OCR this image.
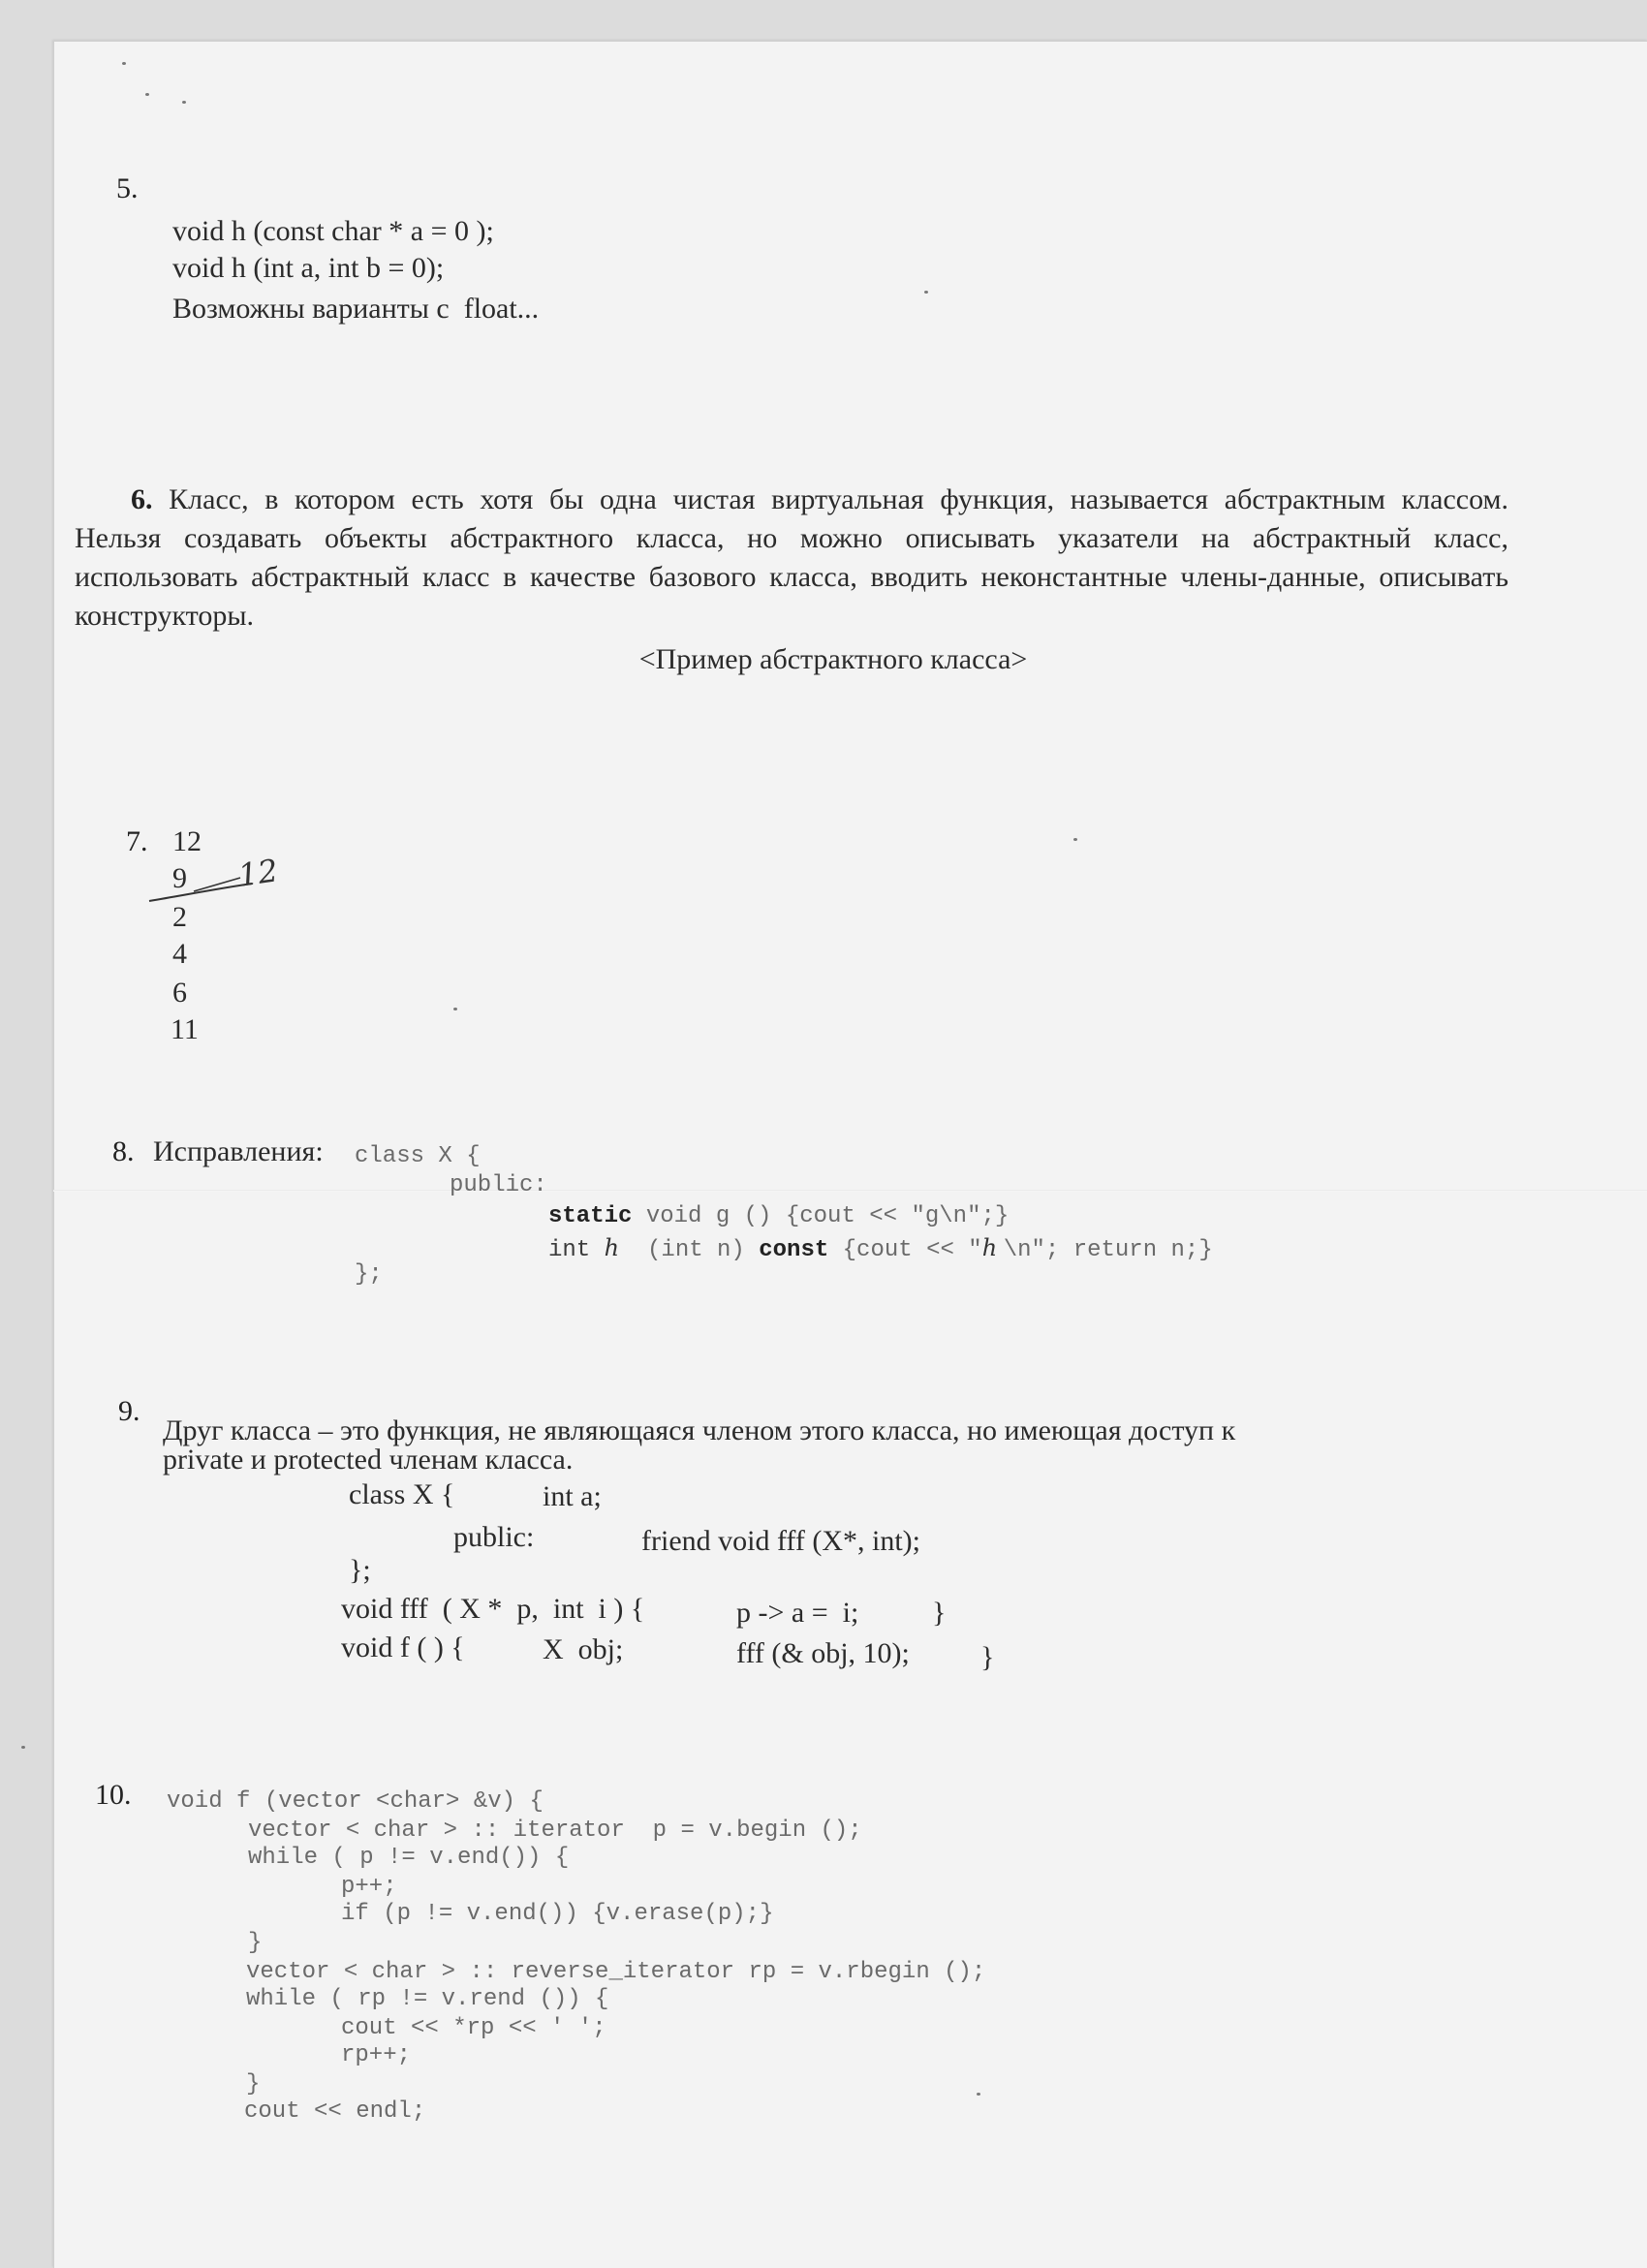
5.
void h (const char * a = 0 );
void h (int a, int b = 0);
Возможны варианты с  float...
6. Класс, в котором есть хотя бы одна чистая виртуальная функция, называется абстрактным классом. Нельзя создавать объекты абстрактного класса, но можно описывать указатели на абстрактный класс, использовать абстрактный класс в качестве базового класса, вводить неконстантные члены-данные, описывать конструкторы.
<Пример абстрактного класса>
7. 12
9
2
4
6
11
12
8. Исправления: class X {
public:
static void g () {cout << "g\n";}
int h (int n) const {cout << "h \n"; return n;}
};
9.
Друг класса – это функция, не являющаяся членом этого класса, но имеющая доступ к
private и protected членам класса.
class X {	int a;
public:	friend void fff (X*, int);
};
void fff  ( X *  p,  int  i ) {	p -> a =  i;	}
void f ( ) {	X  obj;	fff (& obj, 10); }
10. void f (vector <char> &v) {
vector < char > :: iterator  p = v.begin ();
while ( p != v.end()) {
p++;
if (p != v.end()) {v.erase(p);}
}
vector < char > :: reverse_iterator rp = v.rbegin ();
while ( rp != v.rend ()) {
cout << *rp << ' ';
rp++;
}
cout << endl;
